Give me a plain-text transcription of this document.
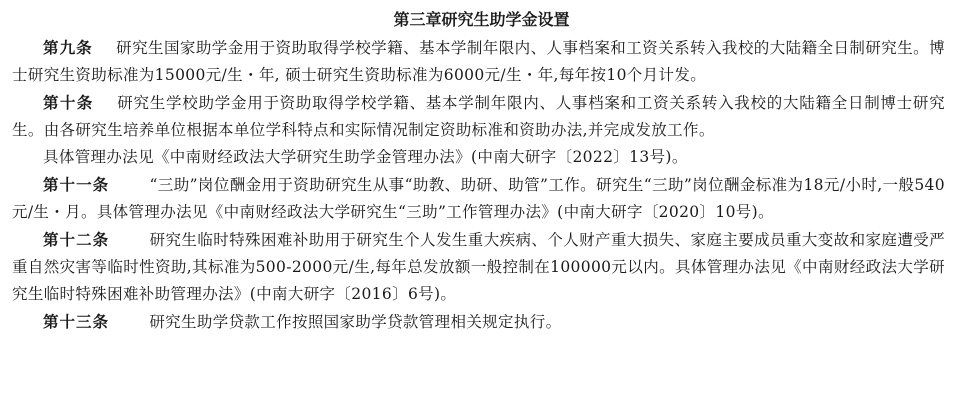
第三章研究生助学金设置

第九条 研究生国家助学金用于资助取得学校学籍、基本学制年限内、人事档案和工资关系转入我校的大陆籍全日制研究生。博士研究生资助标准为15000元/生・年, 硕士研究生资助标准为6000元/生・年,每年按10个月计发。

第十条 研究生学校助学金用于资助取得学校学籍、基本学制年限内、人事档案和工资关系转入我校的大陆籍全日制博士研究生。由各研究生培养单位根据本单位学科特点和实际情况制定资助标准和资助办法,并完成发放工作。

具体管理办法见《中南财经政法大学研究生助学金管理办法》(中南大研字〔2022〕13号)。

第十一条	“三助”岗位酬金用于资助研究生从事“助教、助研、助管”工作。研究生“三助”岗位酬金标准为18元/小时,一般540元/生・月。具体管理办法见《中南财经政法大学研究生“三助”工作管理办法》(中南大研字〔2020〕10号)。

第十二条	研究生临时特殊困难补助用于研究生个人发生重大疾病、个人财产重大损失、家庭主要成员重大变故和家庭遭受严重自然灾害等临时性资助,其标准为500-2000元/生,每年总发放额一般控制在100000元以内。具体管理办法见《中南财经政法大学研究生临时特殊困难补助管理办法》(中南大研字〔2016〕6号)。

第十三条	研究生助学贷款工作按照国家助学贷款管理相关规定执行。
